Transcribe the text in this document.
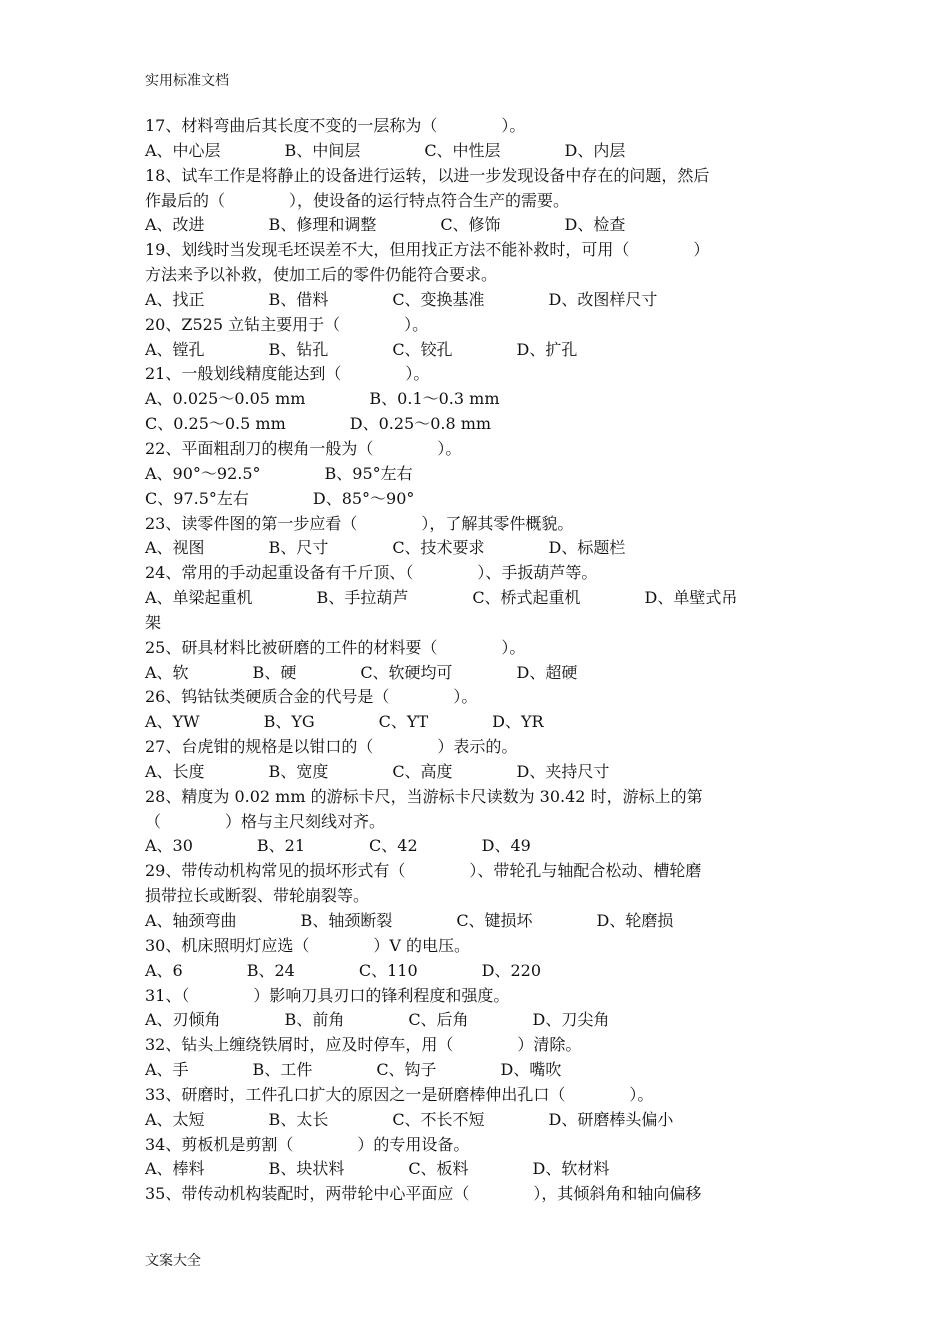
实用标准文档
17、材料弯曲后其长度不变的一层称为（　　　　）。
A、中心层　　　　B、中间层　　　　C、中性层　　　　D、内层
18、试车工作是将静止的设备进行运转，以进一步发现设备中存在的问题，然后
作最后的（　　　　），使设备的运行特点符合生产的需要。
A、改进　　　　B、修理和调整　　　　C、修饰　　　　D、检查
19、划线时当发现毛坯误差不大，但用找正方法不能补救时，可用（　　　　）
方法来予以补救，使加工后的零件仍能符合要求。
A、找正　　　　B、借料　　　　C、变换基准　　　　D、改图样尺寸
20、Z525 立钻主要用于（　　　　）。
A、镗孔　　　　B、钻孔　　　　C、铰孔　　　　D、扩孔
21、一般划线精度能达到（　　　　）。
A、0.025～0.05 mm　　　　B、0.1～0.3 mm
C、0.25～0.5 mm　　　　D、0.25～0.8 mm
22、平面粗刮刀的楔角一般为（　　　　）。
A、90°～92.5°　　　　B、95°左右
C、97.5°左右　　　　D、85°～90°
23、读零件图的第一步应看（　　　　），了解其零件概貌。
A、视图　　　　B、尺寸　　　　C、技术要求　　　　D、标题栏
24、常用的手动起重设备有千斤顶、（　　　　）、手扳葫芦等。
A、单梁起重机　　　　B、手拉葫芦　　　　C、桥式起重机　　　　D、单壁式吊
架
25、研具材料比被研磨的工件的材料要（　　　　）。
A、软　　　　B、硬　　　　C、软硬均可　　　　D、超硬
26、钨钴钛类硬质合金的代号是（　　　　）。
A、YW　　　　B、YG　　　　C、YT　　　　D、YR
27、台虎钳的规格是以钳口的（　　　　）表示的。
A、长度　　　　B、宽度　　　　C、高度　　　　D、夹持尺寸
28、精度为 0.02 mm 的游标卡尺，当游标卡尺读数为 30.42 时，游标上的第
（　　　　）格与主尺刻线对齐。
A、30　　　　B、21　　　　C、42　　　　D、49
29、带传动机构常见的损坏形式有（　　　　）、带轮孔与轴配合松动、槽轮磨
损带拉长或断裂、带轮崩裂等。
A、轴颈弯曲　　　　B、轴颈断裂　　　　C、键损坏　　　　D、轮磨损
30、机床照明灯应选（　　　　）V 的电压。
A、6　　　　B、24　　　　C、110　　　　D、220
31、（　　　　）影响刀具刃口的锋利程度和强度。
A、刃倾角　　　　B、前角　　　　C、后角　　　　D、刀尖角
32、钻头上缠绕铁屑时，应及时停车，用（　　　　）清除。
A、手　　　　B、工件　　　　C、钩子　　　　D、嘴吹
33、研磨时，工件孔口扩大的原因之一是研磨棒伸出孔口（　　　　）。
A、太短　　　　B、太长　　　　C、不长不短　　　　D、研磨棒头偏小
34、剪板机是剪割（　　　　）的专用设备。
A、棒料　　　　B、块状料　　　　C、板料　　　　D、软材料
35、带传动机构装配时，两带轮中心平面应（　　　　），其倾斜角和轴向偏移
文案大全
